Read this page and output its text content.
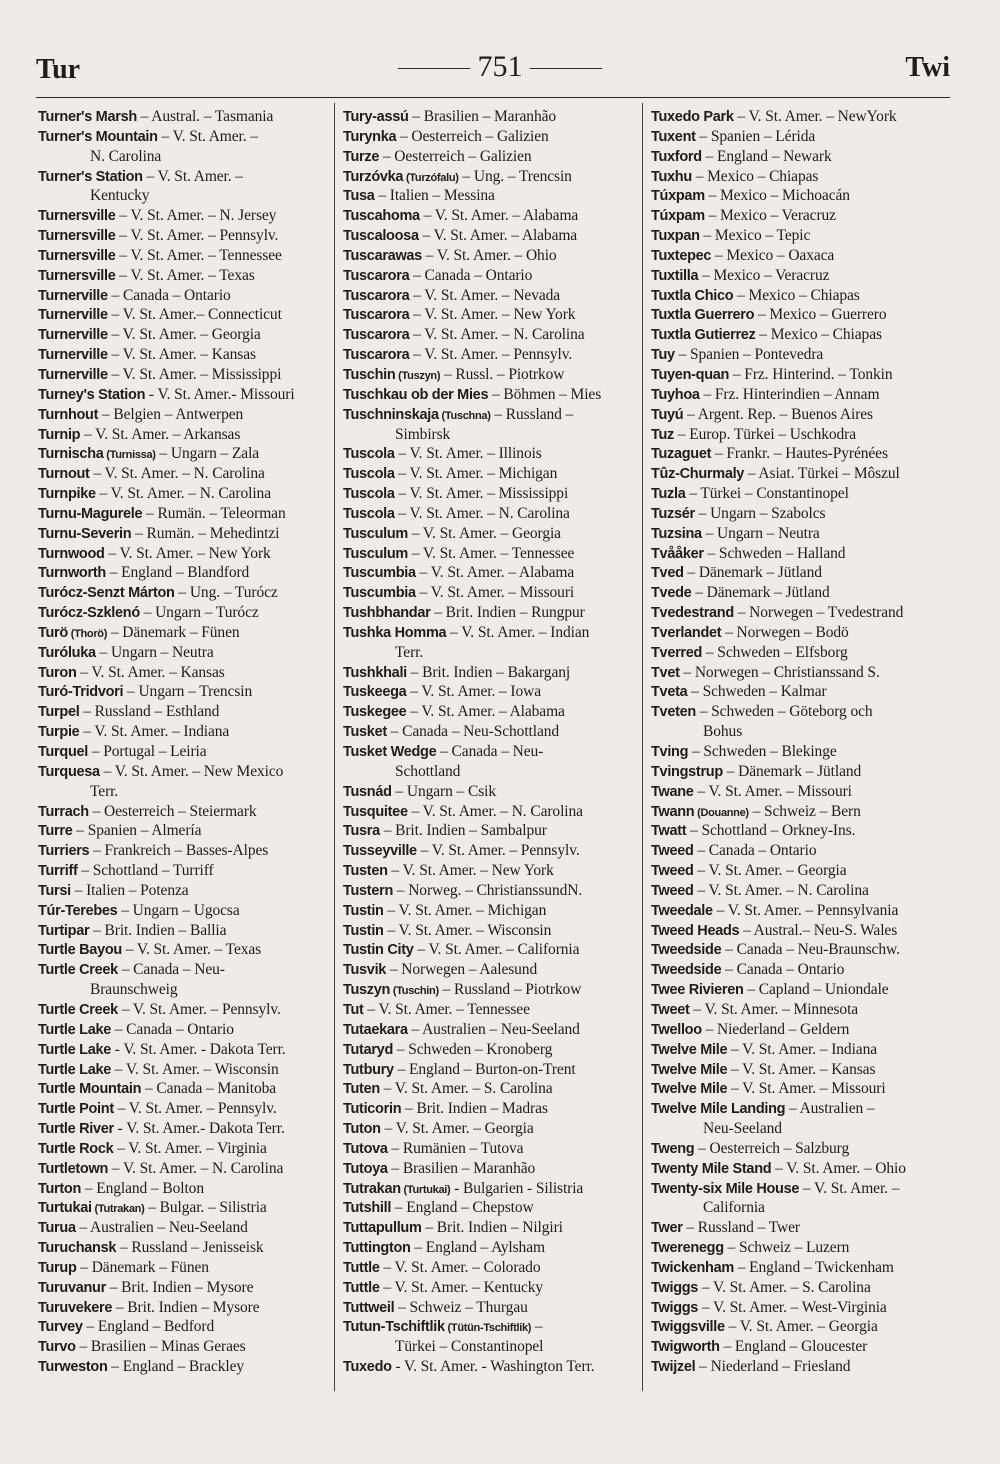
Tur	751	Twi
Turner's Marsh – Austral. – Tasmania
Turner's Mountain – V. St. Amer. –
N. Carolina
Turner's Station – V. St. Amer. –
Kentucky
Turnersville – V. St. Amer. – N. Jersey
Turnersville – V. St. Amer. – Pennsylv.
Turnersville – V. St. Amer. – Tennessee
Turnersville – V. St. Amer. – Texas
Turnerville – Canada – Ontario
Turnerville – V. St. Amer.– Connecticut
Turnerville – V. St. Amer. – Georgia
Turnerville – V. St. Amer. – Kansas
Turnerville – V. St. Amer. – Mississippi
Turney's Station - V. St. Amer.- Missouri
Turnhout – Belgien – Antwerpen
Turnip – V. St. Amer. – Arkansas
Turnischa (Turnissa) – Ungarn – Zala
Turnout – V. St. Amer. – N. Carolina
Turnpike – V. St. Amer. – N. Carolina
Turnu-Magurele – Rumän. – Teleorman
Turnu-Severin – Rumän. – Mehedintzi
Turnwood – V. St. Amer. – New York
Turnworth – England – Blandford
Turócz-Senzt Márton – Ung. – Turócz
Turócz-Szklenó – Ungarn – Turócz
Turö (Thorö) – Dänemark – Fünen
Turóluka – Ungarn – Neutra
Turon – V. St. Amer. – Kansas
Turó-Tridvori – Ungarn – Trencsin
Turpel – Russland – Esthland
Turpie – V. St. Amer. – Indiana
Turquel – Portugal – Leiria
Turquesa – V. St. Amer. – New Mexico
Terr.
Turrach – Oesterreich – Steiermark
Turre – Spanien – Almería
Turriers – Frankreich – Basses-Alpes
Turriff – Schottland – Turriff
Tursi – Italien – Potenza
Túr-Terebes – Ungarn – Ugocsa
Turtipar – Brit. Indien – Ballia
Turtle Bayou – V. St. Amer. – Texas
Turtle Creek – Canada – Neu-
Braunschweig
Turtle Creek – V. St. Amer. – Pennsylv.
Turtle Lake – Canada – Ontario
Turtle Lake - V. St. Amer. - Dakota Terr.
Turtle Lake – V. St. Amer. – Wisconsin
Turtle Mountain – Canada – Manitoba
Turtle Point – V. St. Amer. – Pennsylv.
Turtle River - V. St. Amer.- Dakota Terr.
Turtle Rock – V. St. Amer. – Virginia
Turtletown – V. St. Amer. – N. Carolina
Turton – England – Bolton
Turtukai (Tutrakan) – Bulgar. – Silistria
Turua – Australien – Neu-Seeland
Turuchansk – Russland – Jenisseisk
Turup – Dänemark – Fünen
Turuvanur – Brit. Indien – Mysore
Turuvekere – Brit. Indien – Mysore
Turvey – England – Bedford
Turvo – Brasilien – Minas Geraes
Turweston – England – Brackley
Tury-assú – Brasilien – Maranhão
Turynka – Oesterreich – Galizien
Turze – Oesterreich – Galizien
Turzóvka (Turzófalu) – Ung. – Trencsin
Tusa – Italien – Messina
Tuscahoma – V. St. Amer. – Alabama
Tuscaloosa – V. St. Amer. – Alabama
Tuscarawas – V. St. Amer. – Ohio
Tuscarora – Canada – Ontario
Tuscarora – V. St. Amer. – Nevada
Tuscarora – V. St. Amer. – New York
Tuscarora – V. St. Amer. – N. Carolina
Tuscarora – V. St. Amer. – Pennsylv.
Tuschin (Tuszyn) – Russl. – Piotrkow
Tuschkau ob der Mies – Böhmen – Mies
Tuschninskaja (Tuschna) – Russland –
Simbirsk
Tuscola – V. St. Amer. – Illinois
Tuscola – V. St. Amer. – Michigan
Tuscola – V. St. Amer. – Mississippi
Tuscola – V. St. Amer. – N. Carolina
Tusculum – V. St. Amer. – Georgia
Tusculum – V. St. Amer. – Tennessee
Tuscumbia – V. St. Amer. – Alabama
Tuscumbia – V. St. Amer. – Missouri
Tushbhandar – Brit. Indien – Rungpur
Tushka Homma – V. St. Amer. – Indian
Terr.
Tushkhali – Brit. Indien – Bakarganj
Tuskeega – V. St. Amer. – Iowa
Tuskegee – V. St. Amer. – Alabama
Tusket – Canada – Neu-Schottland
Tusket Wedge – Canada – Neu-
Schottland
Tusnád – Ungarn – Csik
Tusquitee – V. St. Amer. – N. Carolina
Tusra – Brit. Indien – Sambalpur
Tusseyville – V. St. Amer. – Pennsylv.
Tusten – V. St. Amer. – New York
Tustern – Norweg. – ChristianssundN.
Tustin – V. St. Amer. – Michigan
Tustin – V. St. Amer. – Wisconsin
Tustin City – V. St. Amer. – California
Tusvik – Norwegen – Aalesund
Tuszyn (Tuschin) – Russland – Piotrkow
Tut – V. St. Amer. – Tennessee
Tutaekara – Australien – Neu-Seeland
Tutaryd – Schweden – Kronoberg
Tutbury – England – Burton-on-Trent
Tuten – V. St. Amer. – S. Carolina
Tuticorin – Brit. Indien – Madras
Tuton – V. St. Amer. – Georgia
Tutova – Rumänien – Tutova
Tutoya – Brasilien – Maranhão
Tutrakan (Turtukai) - Bulgarien - Silistria
Tutshill – England – Chepstow
Tuttapullum – Brit. Indien – Nilgiri
Tuttington – England – Aylsham
Tuttle – V. St. Amer. – Colorado
Tuttle – V. St. Amer. – Kentucky
Tuttweil – Schweiz – Thurgau
Tutun-Tschiftlik (Tütün-Tschiftlik) –
Türkei – Constantinopel
Tuxedo - V. St. Amer. - Washington Terr.
Tuxedo Park – V. St. Amer. – NewYork
Tuxent – Spanien – Lérida
Tuxford – England – Newark
Tuxhu – Mexico – Chiapas
Túxpam – Mexico – Michoacán
Túxpam – Mexico – Veracruz
Tuxpan – Mexico – Tepic
Tuxtepec – Mexico – Oaxaca
Tuxtilla – Mexico – Veracruz
Tuxtla Chico – Mexico – Chiapas
Tuxtla Guerrero – Mexico – Guerrero
Tuxtla Gutierrez – Mexico – Chiapas
Tuy – Spanien – Pontevedra
Tuyen-quan – Frz. Hinterind. – Tonkin
Tuyhoa – Frz. Hinterindien – Annam
Tuyú – Argent. Rep. – Buenos Aires
Tuz – Europ. Türkei – Uschkodra
Tuzaguet – Frankr. – Hautes-Pyrénées
Tûz-Churmaly – Asiat. Türkei – Môszul
Tuzla – Türkei – Constantinopel
Tuzsér – Ungarn – Szabolcs
Tuzsina – Ungarn – Neutra
Tvååker – Schweden – Halland
Tved – Dänemark – Jütland
Tvede – Dänemark – Jütland
Tvedestrand – Norwegen – Tvedestrand
Tverlandet – Norwegen – Bodö
Tverred – Schweden – Elfsborg
Tvet – Norwegen – Christianssand S.
Tveta – Schweden – Kalmar
Tveten – Schweden – Göteborg och
Bohus
Tving – Schweden – Blekinge
Tvingstrup – Dänemark – Jütland
Twane – V. St. Amer. – Missouri
Twann (Douanne) – Schweiz – Bern
Twatt – Schottland – Orkney-Ins.
Tweed – Canada – Ontario
Tweed – V. St. Amer. – Georgia
Tweed – V. St. Amer. – N. Carolina
Tweedale – V. St. Amer. – Pennsylvania
Tweed Heads – Austral.– Neu-S. Wales
Tweedside – Canada – Neu-Braunschw.
Tweedside – Canada – Ontario
Twee Rivieren – Capland – Uniondale
Tweet – V. St. Amer. – Minnesota
Twelloo – Niederland – Geldern
Twelve Mile – V. St. Amer. – Indiana
Twelve Mile – V. St. Amer. – Kansas
Twelve Mile – V. St. Amer. – Missouri
Twelve Mile Landing – Australien –
Neu-Seeland
Tweng – Oesterreich – Salzburg
Twenty Mile Stand – V. St. Amer. – Ohio
Twenty-six Mile House – V. St. Amer. –
California
Twer – Russland – Twer
Twerenegg – Schweiz – Luzern
Twickenham – England – Twickenham
Twiggs – V. St. Amer. – S. Carolina
Twiggs – V. St. Amer. – West-Virginia
Twiggsville – V. St. Amer. – Georgia
Twigworth – England – Gloucester
Twijzel – Niederland – Friesland
